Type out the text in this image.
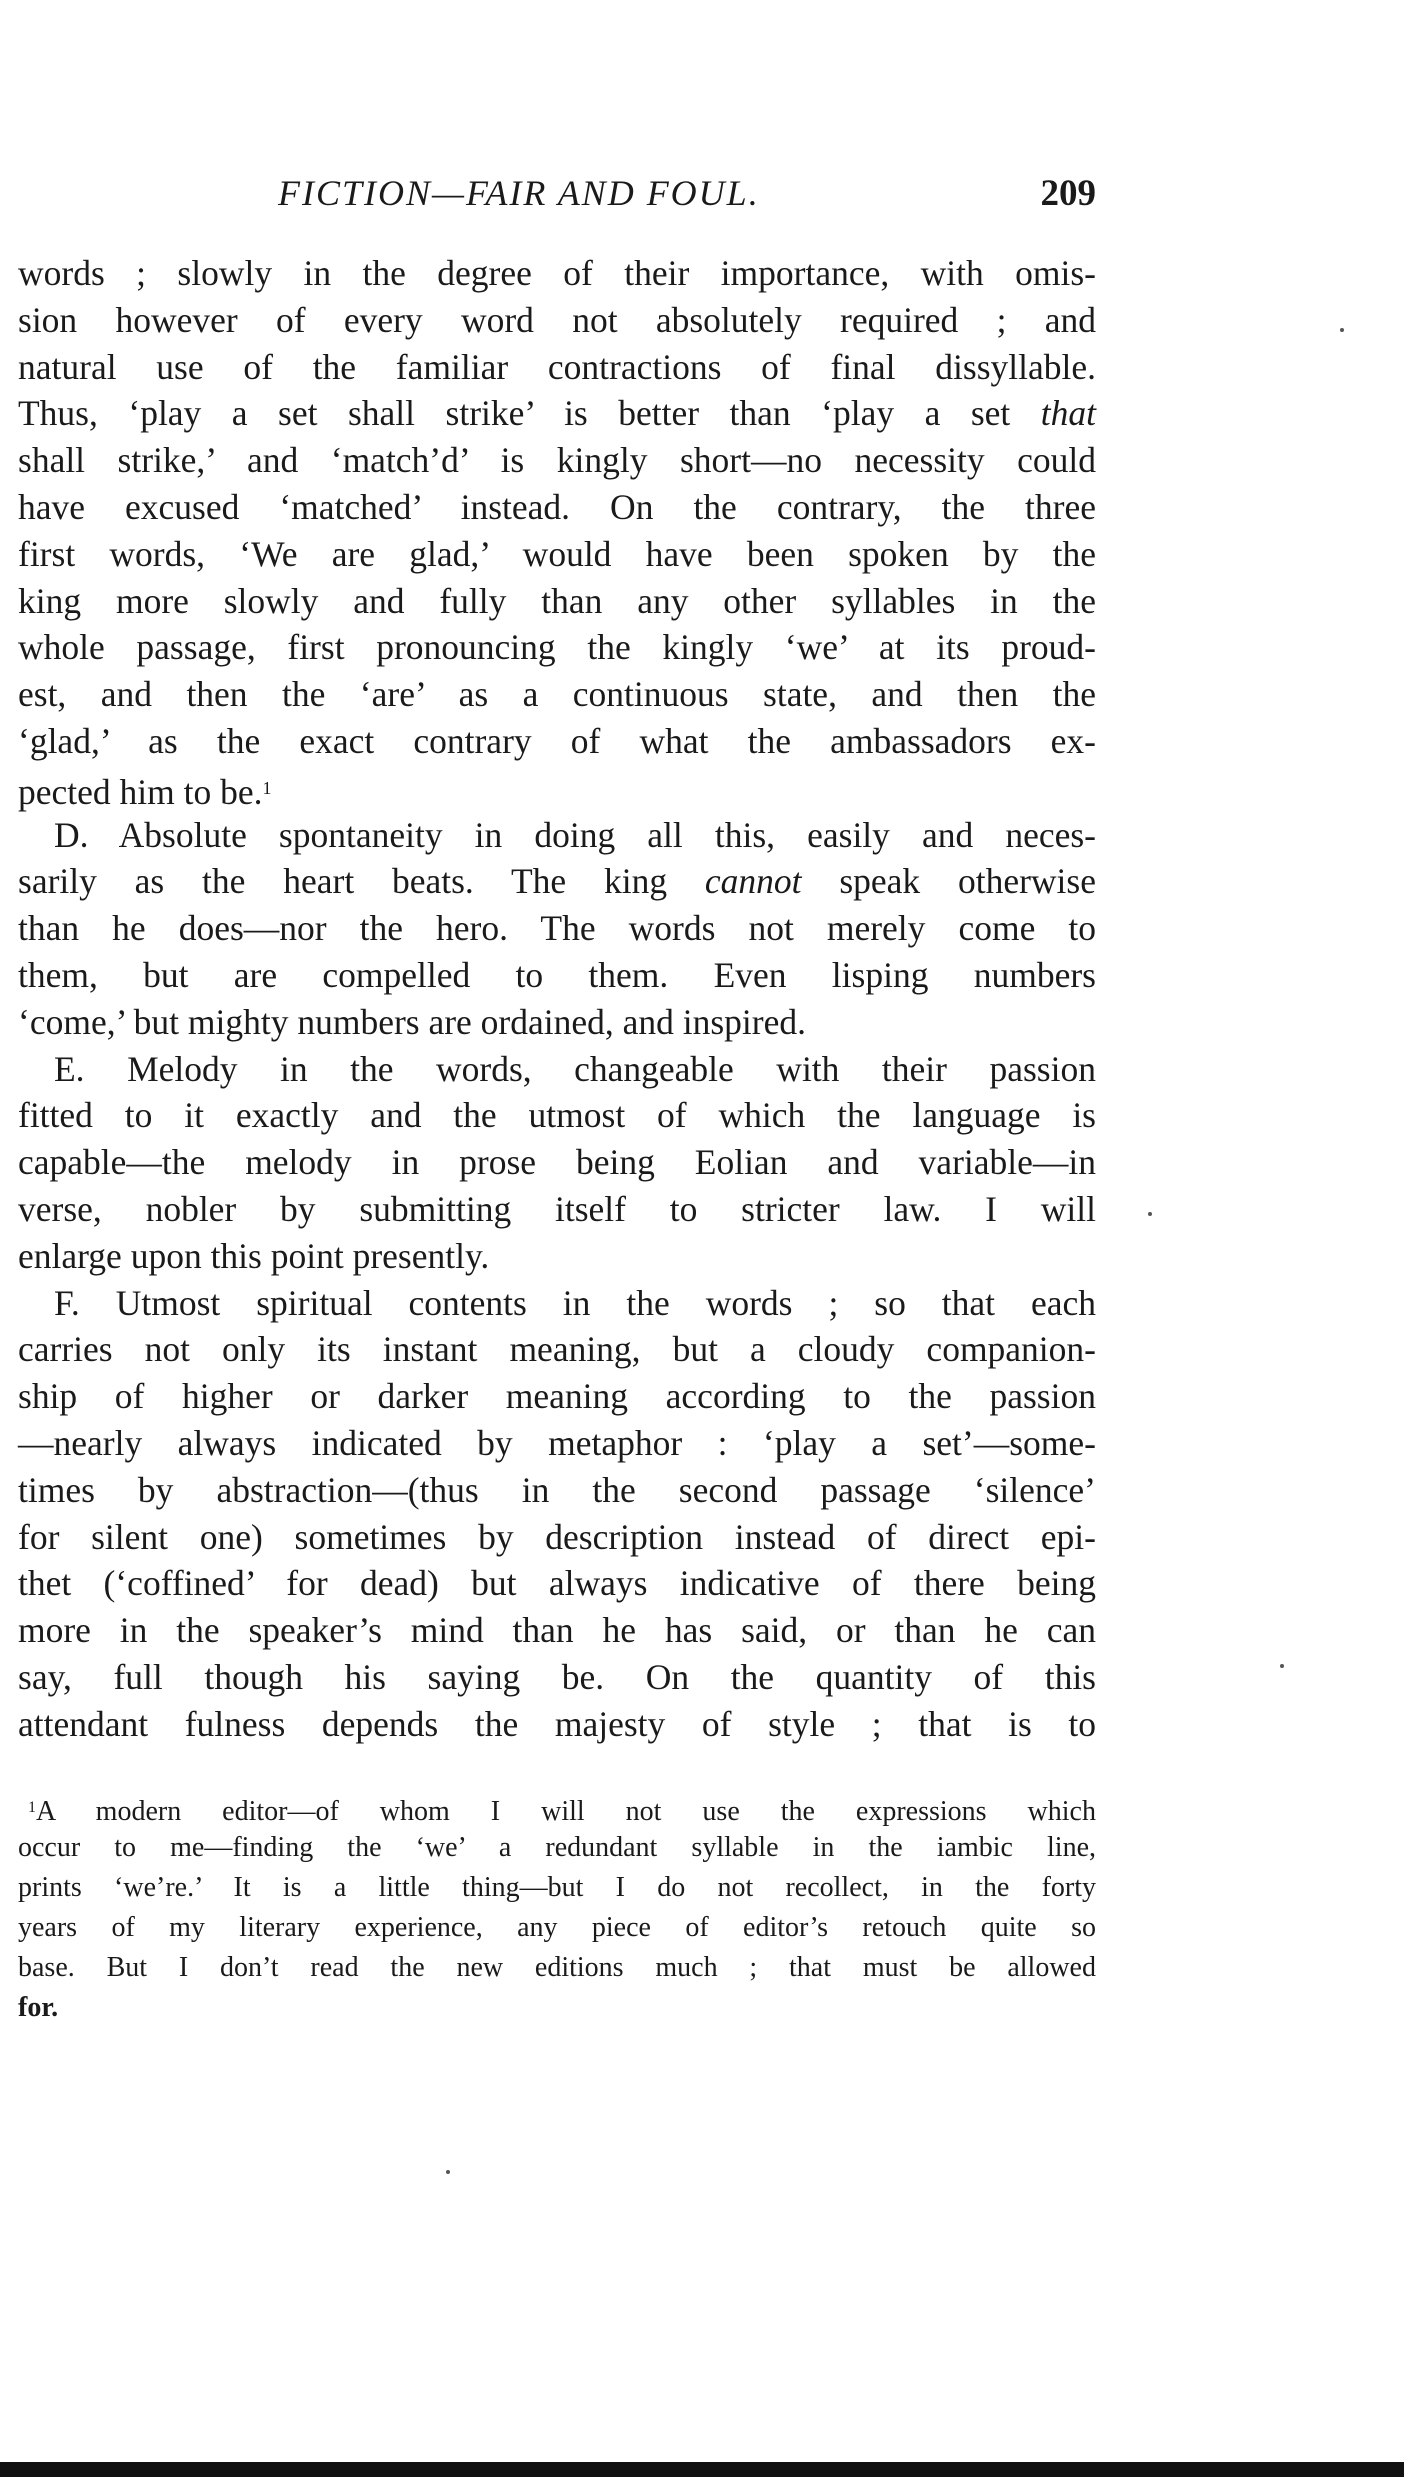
FICTION—FAIR AND FOUL.	209
words ; slowly in the degree of their importance, with omis-
sion however of every word not absolutely required ; and
natural use of the familiar contractions of final dissyllable.
Thus, ‘play a set shall strike’ is better than ‘play a set that
shall strike,’ and ‘match’d’ is kingly short—no necessity could
have excused ‘matched’ instead. On the contrary, the three
first words, ‘We are glad,’ would have been spoken by the
king more slowly and fully than any other syllables in the
whole passage, first pronouncing the kingly ‘we’ at its proud-
est, and then the ‘are’ as a continuous state, and then the
‘glad,’ as the exact contrary of what the ambassadors ex-
pected him to be.$^1$
D. Absolute spontaneity in doing all this, easily and neces-
sarily as the heart beats. The king cannot speak otherwise
than he does—nor the hero. The words not merely come to
them, but are compelled to them. Even lisping numbers
‘come,’ but mighty numbers are ordained, and inspired.
E. Melody in the words, changeable with their passion
fitted to it exactly and the utmost of which the language is
capable—the melody in prose being Eolian and variable—in
verse, nobler by submitting itself to stricter law. I will
enlarge upon this point presently.
F. Utmost spiritual contents in the words ; so that each
carries not only its instant meaning, but a cloudy companion-
ship of higher or darker meaning according to the passion
—nearly always indicated by metaphor : ‘play a set’—some-
times by abstraction—(thus in the second passage ‘silence’
for silent one) sometimes by description instead of direct epi-
thet (‘coffined’ for dead) but always indicative of there being
more in the speaker’s mind than he has said, or than he can
say, full though his saying be. On the quantity of this
attendant fulness depends the majesty of style ; that is to
$^1$A modern editor—of whom I will not use the expressions which
occur to me—finding the ‘we’ a redundant syllable in the iambic line,
prints ‘we’re.’ It is a little thing—but I do not recollect, in the forty
years of my literary experience, any piece of editor’s retouch quite so
base. But I don’t read the new editions much ; that must be allowed
for.
